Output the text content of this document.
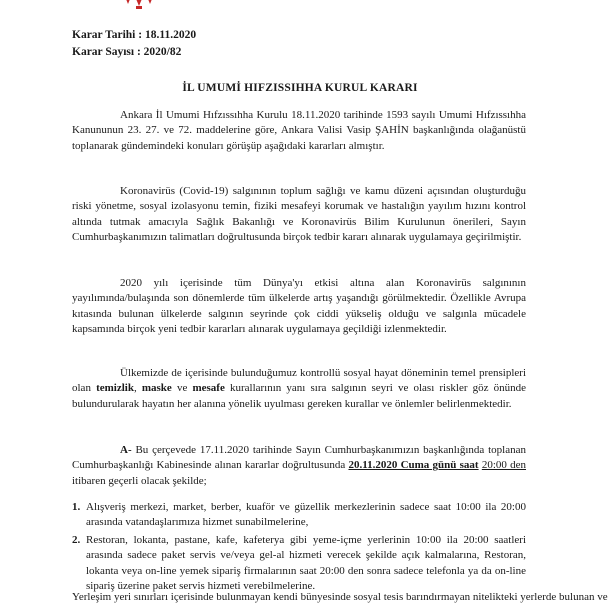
Karar Tarihi : 18.11.2020
Karar Sayısı : 2020/82
İL UMUMİ HIFZISSIHHA KURUL KARARI

Ankara İl Umumi Hıfzıssıhha Kurulu 18.11.2020 tarihinde 1593 sayılı Umumi Hıfzıssıhha Kanununun 23. 27. ve 72. maddelerine göre, Ankara Valisi Vasip ŞAHİN başkanlığında olağanüstü toplanarak gündemindeki konuları görüşüp aşağıdaki kararları almıştır.

Koronavirüs (Covid-19) salgınının toplum sağlığı ve kamu düzeni açısından oluşturduğu riski yönetme, sosyal izolasyonu temin, fiziki mesafeyi korumak ve hastalığın yayılım hızını kontrol altında tutmak amacıyla Sağlık Bakanlığı ve Koronavirüs Bilim Kurulunun önerileri, Sayın Cumhurbaşkanımızın talimatları doğrultusunda birçok tedbir kararı alınarak uygulamaya geçirilmiştir.

2020 yılı içerisinde tüm Dünya'yı etkisi altına alan Koronavirüs salgınının yayılımında/bulaşında son dönemlerde tüm ülkelerde artış yaşandığı görülmektedir. Özellikle Avrupa kıtasında bulunan ülkelerde salgının seyrinde çok ciddi yükseliş olduğu ve salgınla mücadele kapsamında birçok yeni tedbir kararları alınarak uygulamaya geçildiği izlenmektedir.

Ülkemizde de içerisinde bulunduğumuz kontrollü sosyal hayat döneminin temel prensipleri olan temizlik, maske ve mesafe kurallarının yanı sıra salgının seyri ve olası riskler göz önünde bulundurularak hayatın her alanına yönelik uyulması gereken kurallar ve önlemler belirlenmektedir.

A- Bu çerçevede 17.11.2020 tarihinde Sayın Cumhurbaşkanımızın başkanlığında toplanan Cumhurbaşkanlığı Kabinesinde alınan kararlar doğrultusunda 20.11.2020 Cuma günü saat 20:00 den itibaren geçerli olacak şekilde;

1. Alışveriş merkezi, market, berber, kuaför ve güzellik merkezlerinin sadece saat 10:00 ila 20:00 arasında vatandaşlarımıza hizmet sunabilmelerine,
2. Restoran, lokanta, pastane, kafe, kafeterya gibi yeme-içme yerlerinin 10:00 ila 20:00 saatleri arasında sadece paket servis ve/veya gel-al hizmeti verecek şekilde açık kalmalarına, Restoran, lokanta veya on-line yemek sipariş firmalarının saat 20:00 den sonra sadece telefonla ya da on-line sipariş üzerine paket servis hizmeti verebilmelerine.
Yerleşim yeri sınırları içerisinde bulunmayan kendi bünyesinde sosyal tesis barındırmayan nitelikteki yerlerde bulunan ve
